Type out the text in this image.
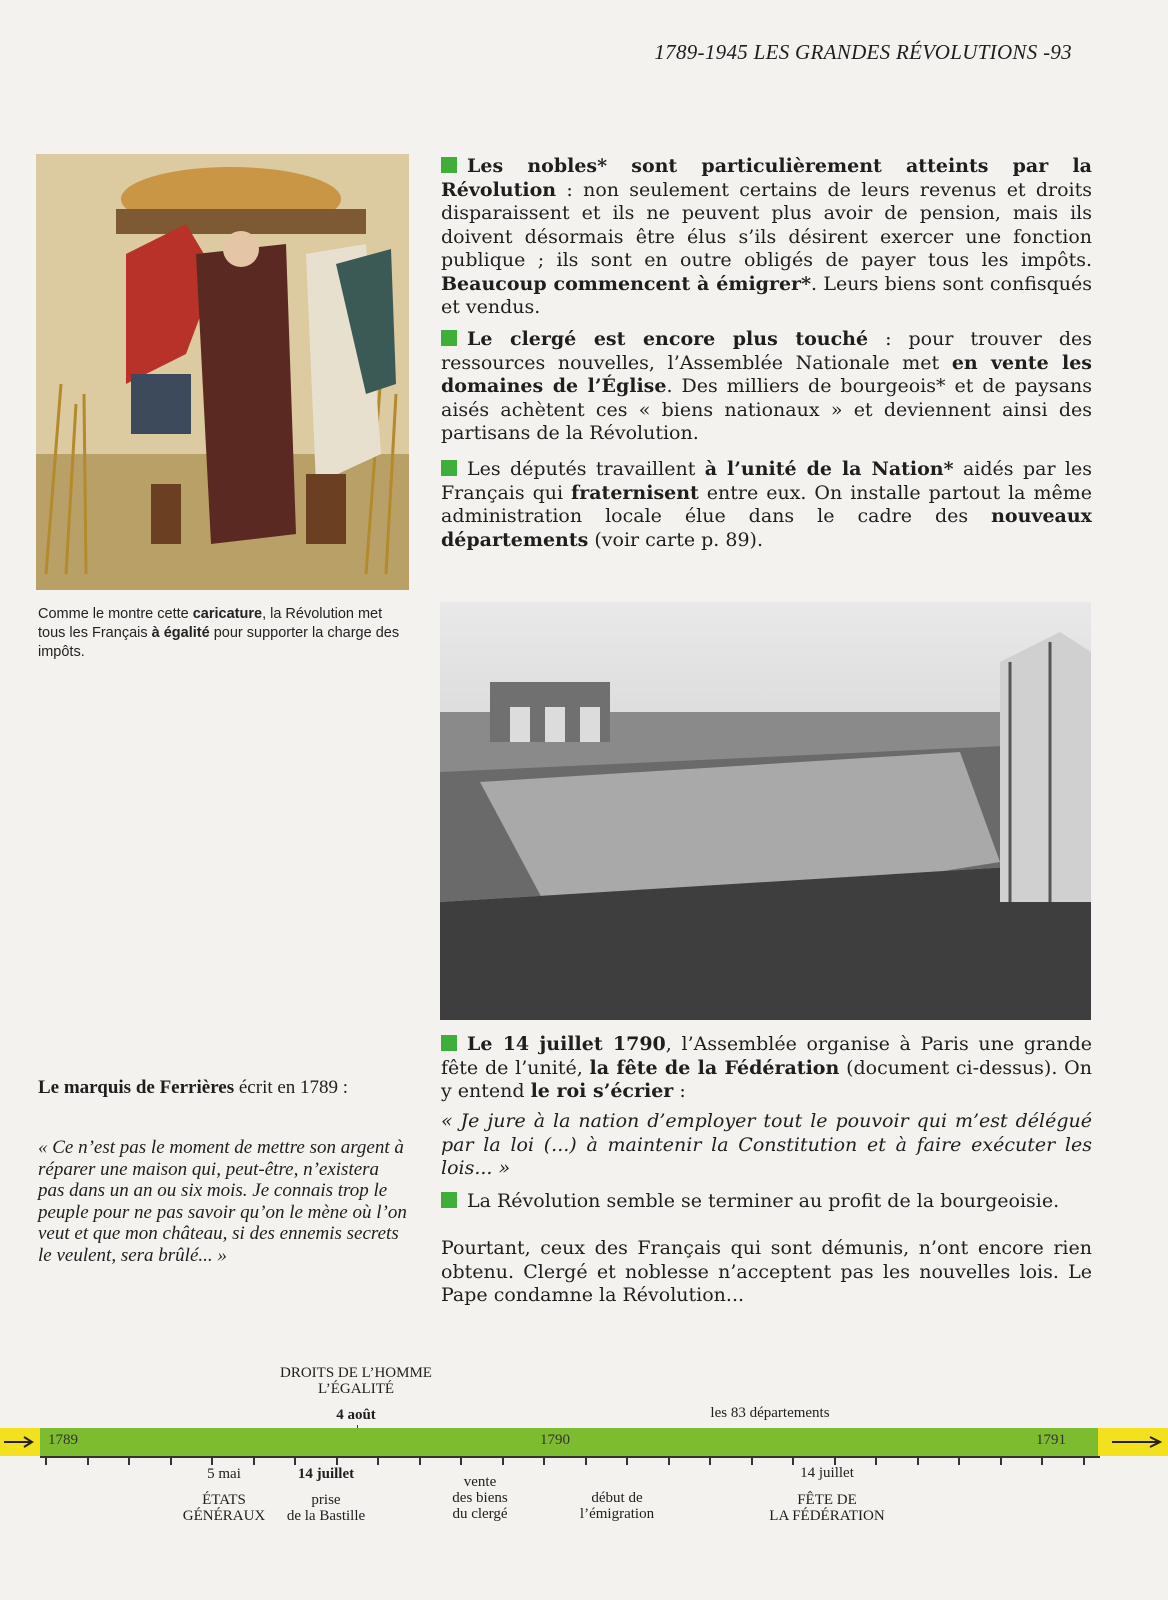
1789-1945 LES GRANDES RÉVOLUTIONS -93
Comme le montre cette caricature, la Révolution met tous les Français à égalité pour supporter la charge des impôts.
Les nobles* sont particulièrement atteints par la Révolution : non seulement certains de leurs revenus et droits disparaissent et ils ne peuvent plus avoir de pension, mais ils doivent désormais être élus s’ils désirent exercer une fonction publique ; ils sont en outre obligés de payer tous les impôts. Beaucoup commencent à émigrer*. Leurs biens sont confisqués et vendus.
Le clergé est encore plus touché : pour trouver des ressources nouvelles, l’Assemblée Nationale met en vente les domaines de l’Église. Des milliers de bourgeois* et de paysans aisés achètent ces « biens nationaux » et deviennent ainsi des partisans de la Révolution.
Les députés travaillent à l’unité de la Nation* aidés par les Français qui fraternisent entre eux. On installe partout la même administration locale élue dans le cadre des nouveaux départements (voir carte p. 89).
Le 14 juillet 1790, l’Assemblée organise à Paris une grande fête de l’unité, la fête de la Fédération (document ci-dessus). On y entend le roi s’écrier :
« Je jure à la nation d’employer tout le pouvoir qui m’est délégué par la loi (...) à maintenir la Constitution et à faire exécuter les lois... »
La Révolution semble se terminer au profit de la bourgeoisie.
Pourtant, ceux des Français qui sont démunis, n’ont encore rien obtenu. Clergé et noblesse n’acceptent pas les nouvelles lois. Le Pape condamne la Révolution...
Le marquis de Ferrières écrit en 1789 :
« Ce n’est pas le moment de mettre son argent à réparer une maison qui, peut-être, n’existera pas dans un an ou six mois. Je connais trop le peuple pour ne pas savoir qu’on le mène où l’on veut et que mon château, si des ennemis secrets le veulent, sera brûlé... »
DROITS DE L’HOMME
L’ÉGALITÉ
4 août	les 83 départements
1789	1790	1791
5 mai
ÉTATS
GÉNÉRAUX
14 juillet
prise
de la Bastille
vente
des biens
du clergé
début de
l’émigration
14 juillet
FÊTE DE
LA FÉDÉRATION
